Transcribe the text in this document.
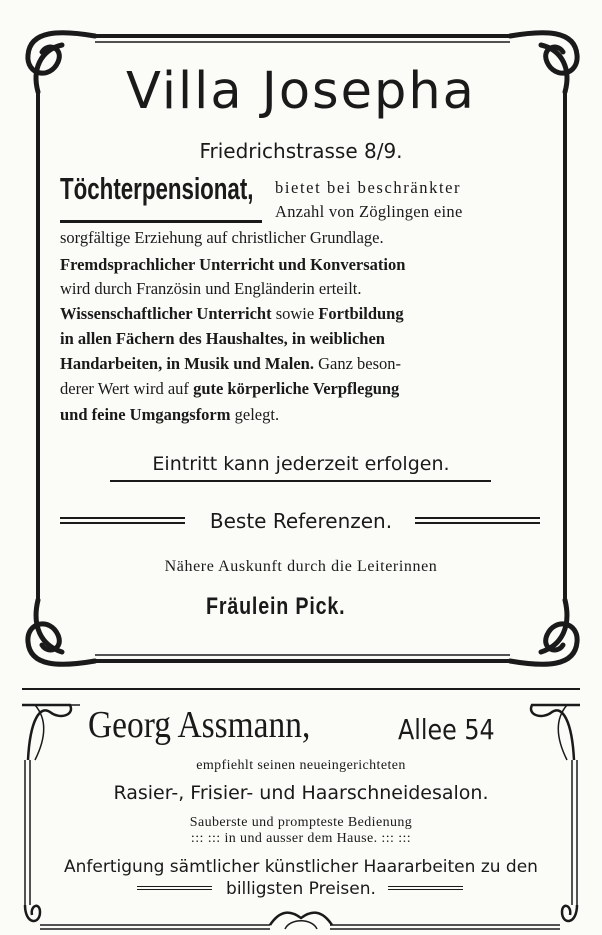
Villa Josepha
Friedrichstrasse 8/9.
Töchterpensionat, bietet bei beschränkter
Anzahl von Zöglingen eine
sorgfältige Erziehung auf christlicher Grundlage.
Fremdsprachlicher Unterricht und Konversation
wird durch Französin und Engländerin erteilt.
Wissenschaftlicher Unterricht sowie Fortbildung
in allen Fächern des Haushaltes, in weiblichen
Handarbeiten, in Musik und Malen. Ganz beson-
derer Wert wird auf gute körperliche Verpflegung
und feine Umgangsform gelegt.
Eintritt kann jederzeit erfolgen.
Beste Referenzen.
Nähere Auskunft durch die Leiterinnen
Fräulein Pick.
Georg Assmann,	Allee 54
empfiehlt seinen neueingerichteten
Rasier-, Frisier- und Haarschneidesalon.
Sauberste und prompteste Bedienung
::: ::: in und ausser dem Hause. ::: :::
Anfertigung sämtlicher künstlicher Haararbeiten zu den
billigsten Preisen.
